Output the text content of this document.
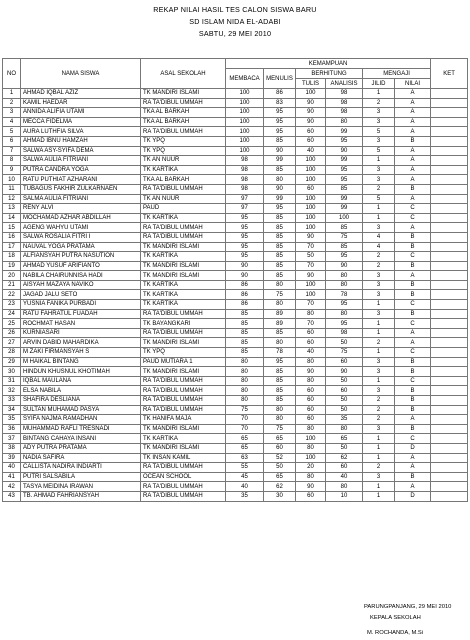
REKAP NILAI HASIL TES CALON SISWA BARU
SD ISLAM NIDA EL-ADABI
SABTU, 29 MEI 2010
NO	NAMA SISWA	ASAL SEKOLAH	KEMAMPUAN						KET
			MEMBACA	MENULIS	BERHITUNG		MENGAJI		
					TULIS	ANALISIS	JILID	NILAI	

1	AHMAD IQBAL AZIZ	TK MANDIRI ISLAMI	100	86	100	98	1	A	
2	KAMIL HAEDAR	RA TA'DIBUL UMMAH	100	83	90	98	2	A	
3	ANNIDA ALIFIA UTAMI	TKA AL BARKAH	100	95	90	98	3	A	
4	MECCA FIDELMA	TKA AL BARKAH	100	95	90	80	3	A	
5	AURA LUTHFIA SILVA	RA TA'DIBUL UMMAH	100	95	60	99	5	A	
6	AHMAD IBNU HAMZAH	TK YPQ	100	85	60	95	3	B	
7	SALWA ASY-SYIFA DEMA	TK YPQ	100	90	40	90	5	A	
8	SALWA AULIA FITRIANI	TK AN NUUR	98	99	100	99	1	A	
9	PUTRA CANDRA YOGA	TK KARTIKA	98	85	100	95	3	A	
10	RATU PUTHIAT AZHARANI	TKA AL BARKAH	98	80	100	95	3	A	
11	TUBAGUS FAKHIR ZULKARNAEN	RA TA'DIBUL UMMAH	98	90	60	85	2	B	
12	SALMA AULIA FITRIANI	TK AN NUUR	97	99	100	99	5	A	
13	RENY ALVI	PAUD	97	95	100	99	1	C	
14	MOCHAMAD AZHAR ABDILLAH	TK KARTIKA	95	85	100	100	1	C	
15	AGENG WAHYU UTAMI	RA TA'DIBUL UMMAH	95	85	100	85	3	A	
16	SALWA ROSALIA FITRI I	RA TA'DIBUL UMMAH	95	85	90	75	4	B	
17	NAUVAL YOGA PRATAMA	TK MANDIRI ISLAMI	95	85	70	85	4	B	
18	ALFIANSYAH PUTRA NASUTION	TK KARTIKA	95	85	50	95	2	C	
19	AHMAD YUSUF ARIFIANTO	TK MANDIRI ISLAMI	90	85	70	90	2	B	
20	NABILA CHAIRUNNISA HADI	TK MANDIRI ISLAMI	90	85	90	80	3	A	
21	AISYAH MAZAYA NAVIKO	TK KARTIKA	86	80	100	80	3	B	
22	JAGAD JALU SETO	TK KARTIKA	86	75	100	78	3	B	
23	YUSNIA FANIKA PURBADI	TK KARTIKA	86	80	70	95	1	C	
24	RATU FAHRATUL FUADAH	RA TA'DIBUL UMMAH	85	89	80	80	3	B	
25	ROCHMAT HASAN	TK BAYANGKARI	85	89	70	95	1	C	
26	KURNIASARI	RA TA'DIBUL UMMAH	85	85	60	98	1	A	
27	ARVIN DABID MAHARDIKA	TK MANDIRI ISLAMI	85	80	60	50	2	A	
28	M ZAKI FIRMANSYAH S	TK YPQ	85	78	40	75	1	C	
29	M HAIKAL BINTANG	PAUD MUTIARA 1	80	95	80	60	3	B	
30	HINDUN KHUSNUL KHOTIMAH	TK MANDIRI ISLAMI	80	85	90	90	3	B	
31	IQBAL MAULANA	RA TA'DIBUL UMMAH	80	85	80	50	1	C	
32	ELSA NABILA	RA TA'DIBUL UMMAH	80	85	60	60	3	B	
33	SHAFIRA DESLIANA	RA TA'DIBUL UMMAH	80	85	60	50	2	B	
34	SULTAN MUHAMAD PASYA	RA TA'DIBUL UMMAH	75	80	60	50	2	B	
35	SYIFA NAJMA RAMADHAN	TK HANIFA MAJA	70	80	60	35	2	A	
36	MUHAMMAD RAFLI TRESNADI	TK MANDIRI ISLAMI	70	75	80	80	3	B	
37	BINTANG CAHAYA INSANI	TK KARTIKA	65	65	100	65	1	C	
38	ADY PUTRA PRATAMA	TK MANDIRI ISLAMI	65	60	80	50	1	D	
39	NADIA SAFIRA	TK INSAN KAMIL	63	52	100	62	1	A	
40	CALLISTA NADIRA INDIARTI	RA TA'DIBUL UMMAH	55	50	20	60	2	A	
41	PUTRI SALSABILA	OCEAN SCHOOL	45	65	80	40	3	B	
42	TASYA MEIDINA IRAWAN	RA TA'DIBUL UMMAH	40	62	90	80	1	A	
43	TB. AHMAD FAHRIANSYAH	RA TA'DIBUL UMMAH	35	30	60	10	1	D	
PARUNGPANJANG, 29 MEI 2010
KEPALA SEKOLAH
M. ROCHANDA, M.Si
